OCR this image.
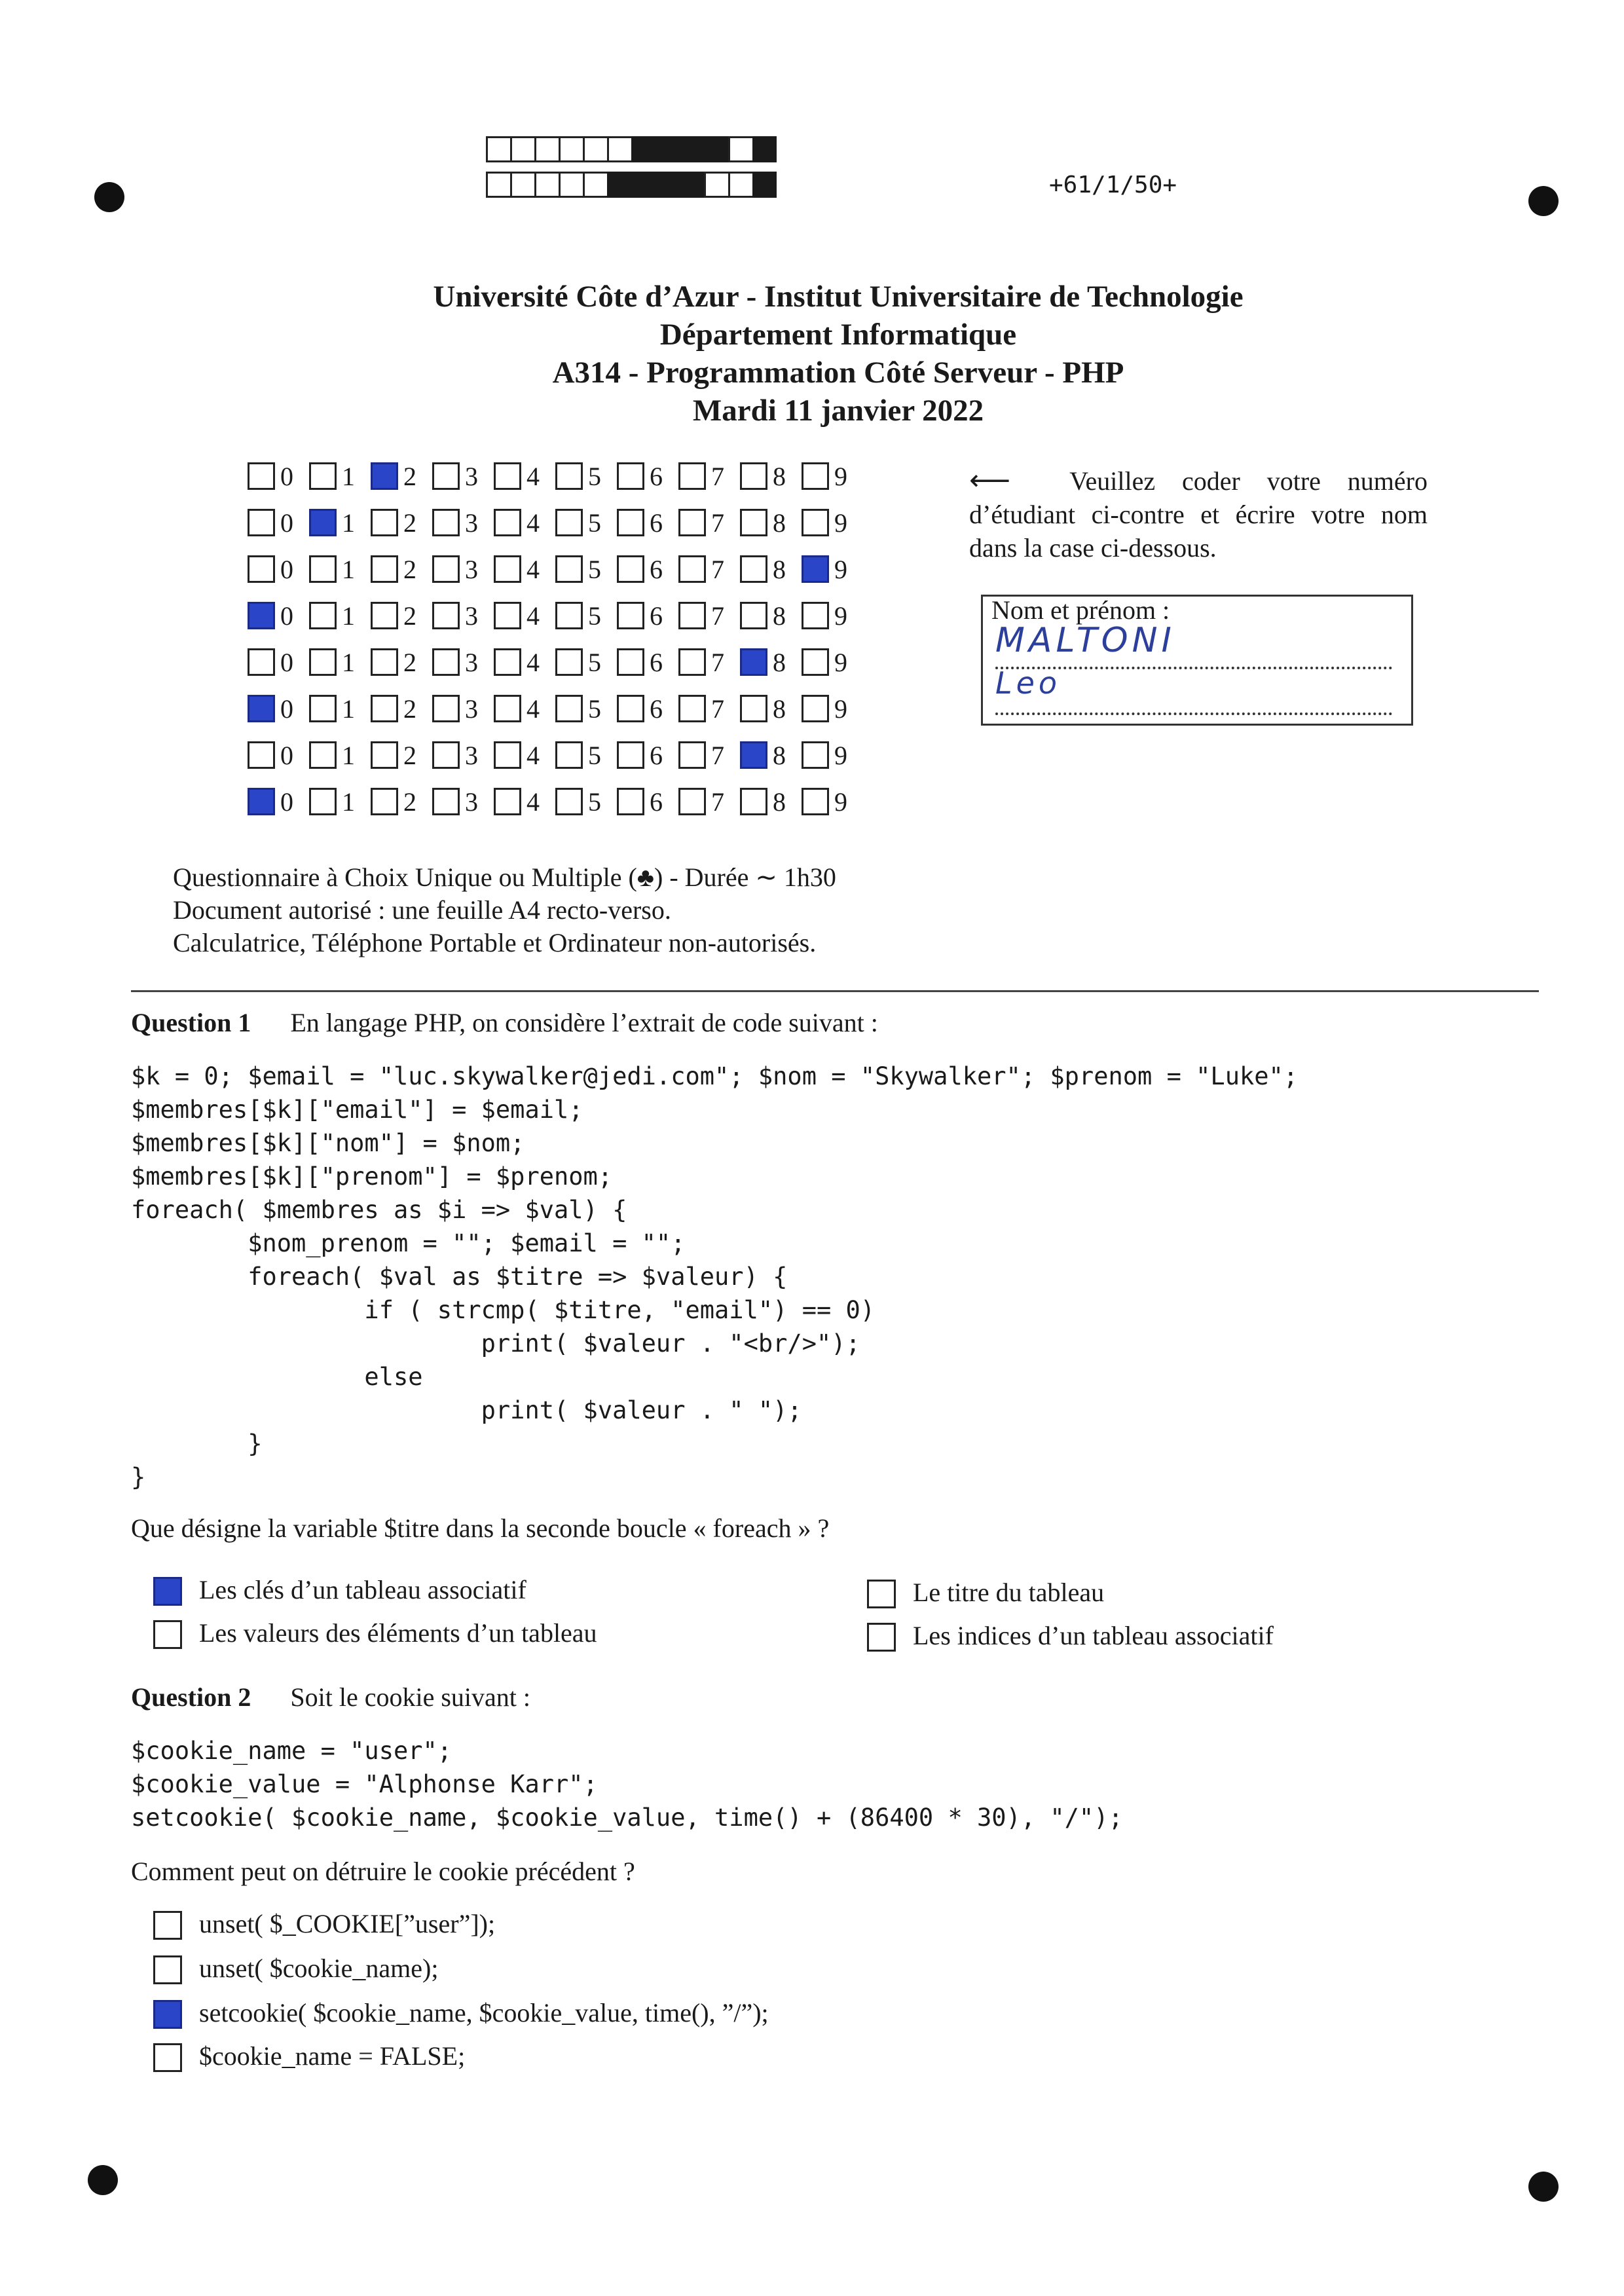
+61/1/50+
Université Côte d’Azur - Institut Universitaire de Technologie
Département Informatique
A314 - Programmation Côté Serveur - PHP
Mardi 11 janvier 2022
0 1 2 3 4 5 6 7 8 9
0 1 2 3 4 5 6 7 8 9
0 1 2 3 4 5 6 7 8 9
0 1 2 3 4 5 6 7 8 9
0 1 2 3 4 5 6 7 8 9
0 1 2 3 4 5 6 7 8 9
0 1 2 3 4 5 6 7 8 9
0 1 2 3 4 5 6 7 8 9
⟵ Veuillez coder votre numéro d’étudiant ci-contre et écrire votre nom dans la case ci-dessous.
Nom et prénom :
MALTONI
Leo
Questionnaire à Choix Unique ou Multiple (♣) - Durée ∼ 1h30
Document autorisé : une feuille A4 recto-verso.
Calculatrice, Téléphone Portable et Ordinateur non-autorisés.
Question 1 En langage PHP, on considère l’extrait de code suivant :
$k = 0; $email = "luc.skywalker@jedi.com"; $nom = "Skywalker"; $prenom = "Luke";
$membres[$k]["email"] = $email;
$membres[$k]["nom"] = $nom;
$membres[$k]["prenom"] = $prenom;
foreach( $membres as $i => $val) {
$nom_prenom = ""; $email = "";
foreach( $val as $titre => $valeur) {
if ( strcmp( $titre, "email") == 0)
print( $valeur . "<br/>");
else
print( $valeur . " ");
}
}
Que désigne la variable $titre dans la seconde boucle « foreach » ?
Les clés d’un tableau associatif	Le titre du tableau
Les valeurs des éléments d’un tableau	Les indices d’un tableau associatif
Question 2 Soit le cookie suivant :
$cookie_name = "user";
$cookie_value = "Alphonse Karr";
setcookie( $cookie_name, $cookie_value, time() + (86400 * 30), "/");
Comment peut on détruire le cookie précédent ?
unset( $_COOKIE[”user”]);
unset( $cookie_name);
setcookie( $cookie_name, $cookie_value, time(), ”/”);
$cookie_name = FALSE;
